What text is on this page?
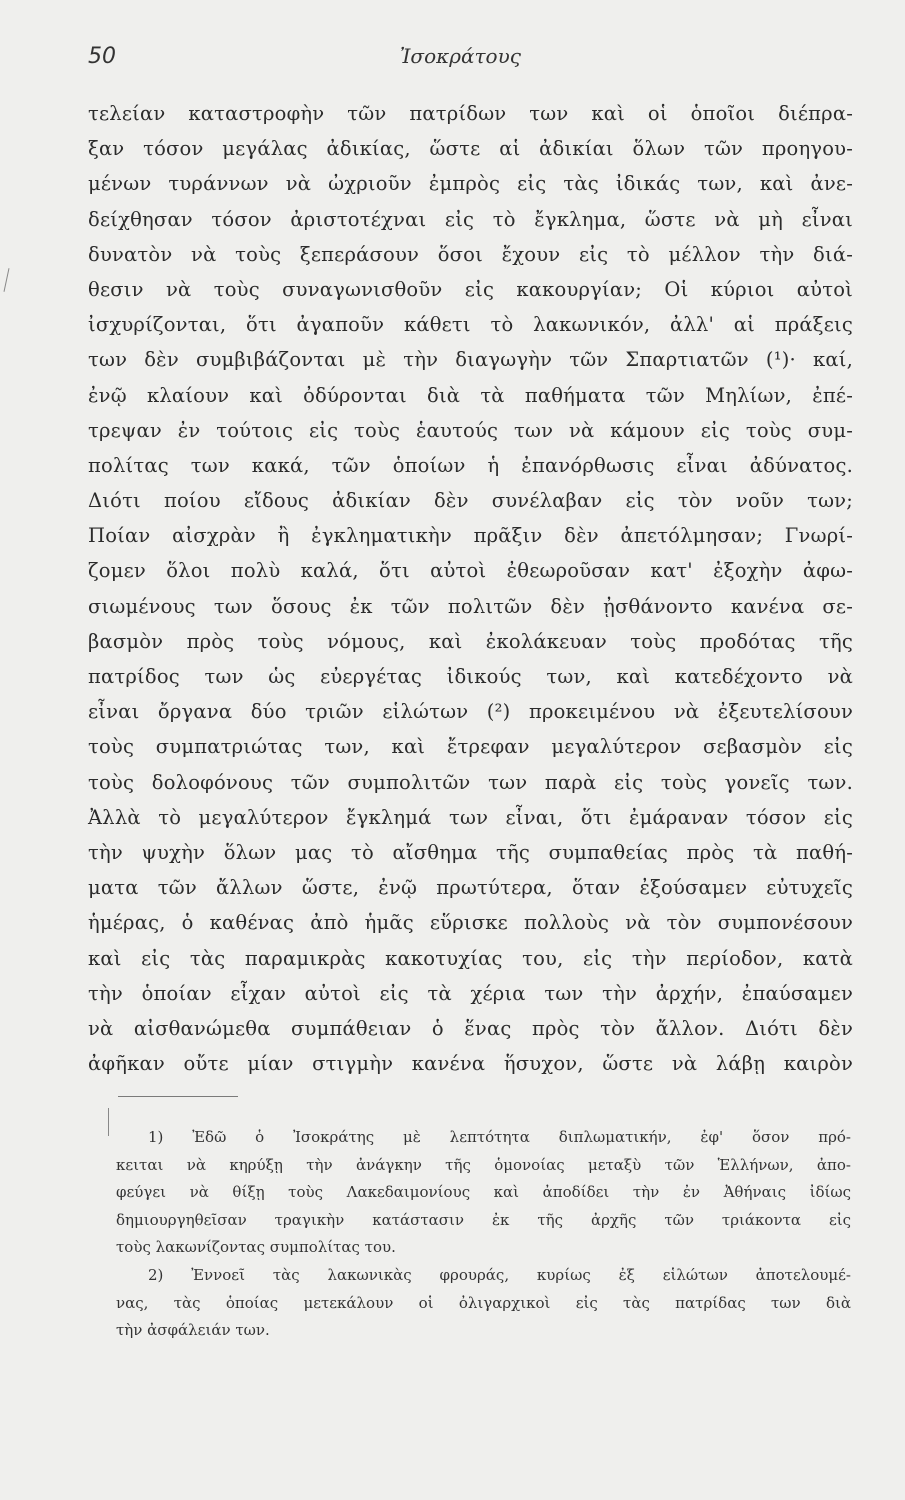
50	Ἰσοκράτους
τελείαν καταστροφὴν τῶν πατρίδων των καὶ οἱ ὁποῖοι διέπρα-
ξαν τόσον μεγάλας ἀδικίας, ὥστε αἱ ἀδικίαι ὅλων τῶν προηγου-
μένων τυράννων νὰ ὠχριοῦν ἐμπρὸς εἰς τὰς ἰδικάς των, καὶ ἀνε-
δείχθησαν τόσον ἀριστοτέχναι εἰς τὸ ἔγκλημα, ὥστε νὰ μὴ εἶναι
δυνατὸν νὰ τοὺς ξεπεράσουν ὅσοι ἔχουν εἰς τὸ μέλλον τὴν διά-
θεσιν νὰ τοὺς συναγωνισθοῦν εἰς κακουργίαν; Οἱ κύριοι αὐτοὶ
ἰσχυρίζονται, ὅτι ἀγαποῦν κάθετι τὸ λακωνικόν, ἀλλ' αἱ πράξεις
των δὲν συμβιβάζονται μὲ τὴν διαγωγὴν τῶν Σπαρτιατῶν (¹)· καί,
ἐνῷ κλαίουν καὶ ὀδύρονται διὰ τὰ παθήματα τῶν Μηλίων, ἐπέ-
τρεψαν ἐν τούτοις εἰς τοὺς ἑαυτούς των νὰ κάμουν εἰς τοὺς συμ-
πολίτας των κακά, τῶν ὁποίων ἡ ἐπανόρθωσις εἶναι ἀδύνατος.
Διότι ποίου εἴδους ἀδικίαν δὲν συνέλαβαν εἰς τὸν νοῦν των;
Ποίαν αἰσχρὰν ἢ ἐγκληματικὴν πρᾶξιν δὲν ἀπετόλμησαν; Γνωρί-
ζομεν ὅλοι πολὺ καλά, ὅτι αὐτοὶ ἐθεωροῦσαν κατ' ἐξοχὴν ἀφω-
σιωμένους των ὅσους ἐκ τῶν πολιτῶν δὲν ᾐσθάνοντο κανένα σε-
βασμὸν πρὸς τοὺς νόμους, καὶ ἐκολάκευαν τοὺς προδότας τῆς
πατρίδος των ὡς εὐεργέτας ἰδικούς των, καὶ κατεδέχοντο νὰ
εἶναι ὄργανα δύο τριῶν εἱλώτων (²) προκειμένου νὰ ἐξευτελίσουν
τοὺς συμπατριώτας των, καὶ ἔτρεφαν μεγαλύτερον σεβασμὸν εἰς
τοὺς δολοφόνους τῶν συμπολιτῶν των παρὰ εἰς τοὺς γονεῖς των.
Ἀλλὰ τὸ μεγαλύτερον ἔγκλημά των εἶναι, ὅτι ἐμάραναν τόσον εἰς
τὴν ψυχὴν ὅλων μας τὸ αἴσθημα τῆς συμπαθείας πρὸς τὰ παθή-
ματα τῶν ἄλλων ὥστε, ἐνῷ πρωτύτερα, ὅταν ἐξούσαμεν εὐτυχεῖς
ἡμέρας, ὁ καθένας ἀπὸ ἡμᾶς εὕρισκε πολλοὺς νὰ τὸν συμπονέσουν
καὶ εἰς τὰς παραμικρὰς κακοτυχίας του, εἰς τὴν περίοδον, κατὰ
τὴν ὁποίαν εἶχαν αὐτοὶ εἰς τὰ χέρια των τὴν ἀρχήν, ἐπαύσαμεν
νὰ αἰσθανώμεθα συμπάθειαν ὁ ἕνας πρὸς τὸν ἄλλον. Διότι δὲν
ἀφῆκαν οὔτε μίαν στιγμὴν κανένα ἥσυχον, ὥστε νὰ λάβῃ καιρὸν
1) Ἐδῶ ὁ Ἰσοκράτης μὲ λεπτότητα διπλωματικήν, ἐφ' ὅσον πρό-
κειται νὰ κηρύξῃ τὴν ἀνάγκην τῆς ὁμονοίας μεταξὺ τῶν Ἑλλήνων, ἀπο-
φεύγει νὰ θίξῃ τοὺς Λακεδαιμονίους καὶ ἀποδίδει τὴν ἐν Ἀθήναις ἰδίως
δημιουργηθεῖσαν τραγικὴν κατάστασιν ἐκ τῆς ἀρχῆς τῶν τριάκοντα εἰς
τοὺς λακωνίζοντας συμπολίτας του.
2) Ἐννοεῖ τὰς λακωνικὰς φρουράς, κυρίως ἐξ εἱλώτων ἀποτελουμέ-
νας, τὰς ὁποίας μετεκάλουν οἱ ὀλιγαρχικοὶ εἰς τὰς πατρίδας των διὰ
τὴν ἀσφάλειάν των.
